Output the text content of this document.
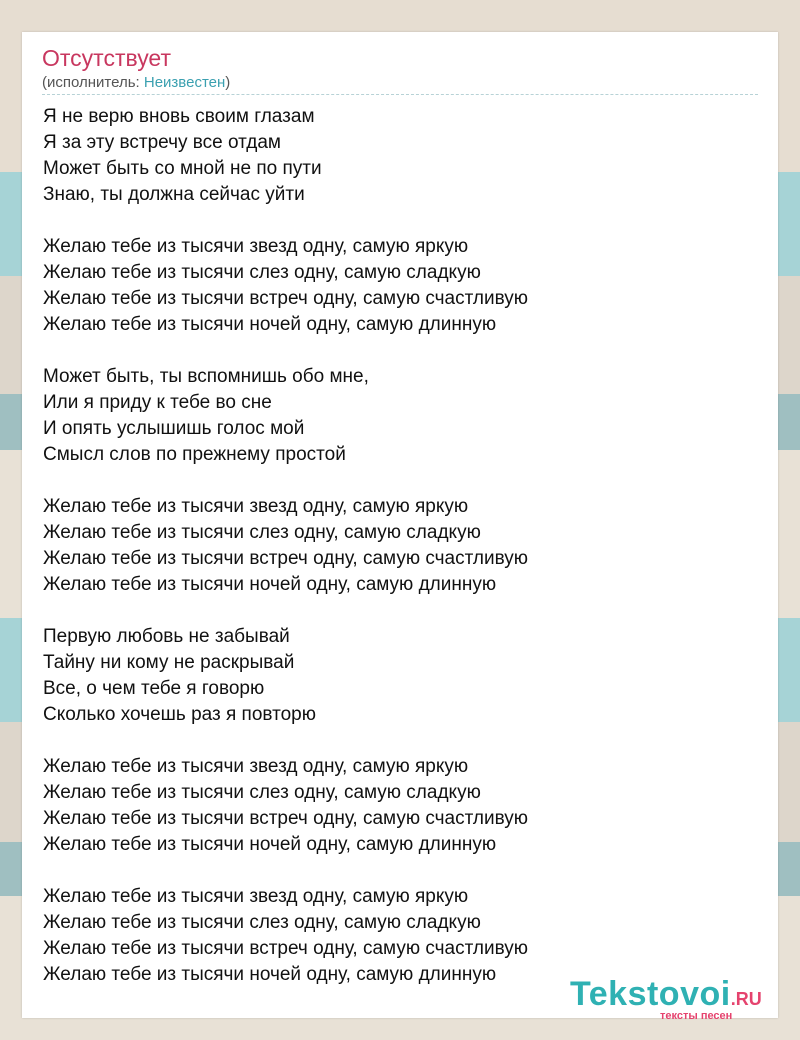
Отсутствует
(исполнитель: Неизвестен)
Я не верю вновь своим глазам
Я за эту встречу все отдам
Может быть со мной не по пути
Знаю, ты должна сейчас уйти
Желаю тебе из тысячи звезд одну, самую яркую
Желаю тебе из тысячи слез одну, самую сладкую
Желаю тебе из тысячи встреч одну, самую счастливую
Желаю тебе из тысячи ночей одну, самую длинную
Может быть, ты вспомнишь обо мне,
Или я приду к тебе во сне
И опять услышишь голос мой
Смысл слов по прежнему простой
Желаю тебе из тысячи звезд одну, самую яркую
Желаю тебе из тысячи слез одну, самую сладкую
Желаю тебе из тысячи встреч одну, самую счастливую
Желаю тебе из тысячи ночей одну, самую длинную
Первую любовь не забывай
Тайну ни кому не раскрывай
Все, о чем тебе я говорю
Сколько хочешь раз я повторю
Желаю тебе из тысячи звезд одну, самую яркую
Желаю тебе из тысячи слез одну, самую сладкую
Желаю тебе из тысячи встреч одну, самую счастливую
Желаю тебе из тысячи ночей одну, самую длинную
Желаю тебе из тысячи звезд одну, самую яркую
Желаю тебе из тысячи слез одну, самую сладкую
Желаю тебе из тысячи встреч одну, самую счастливую
Желаю тебе из тысячи ночей одну, самую длинную
Tekstovoi.RU
тексты песен
